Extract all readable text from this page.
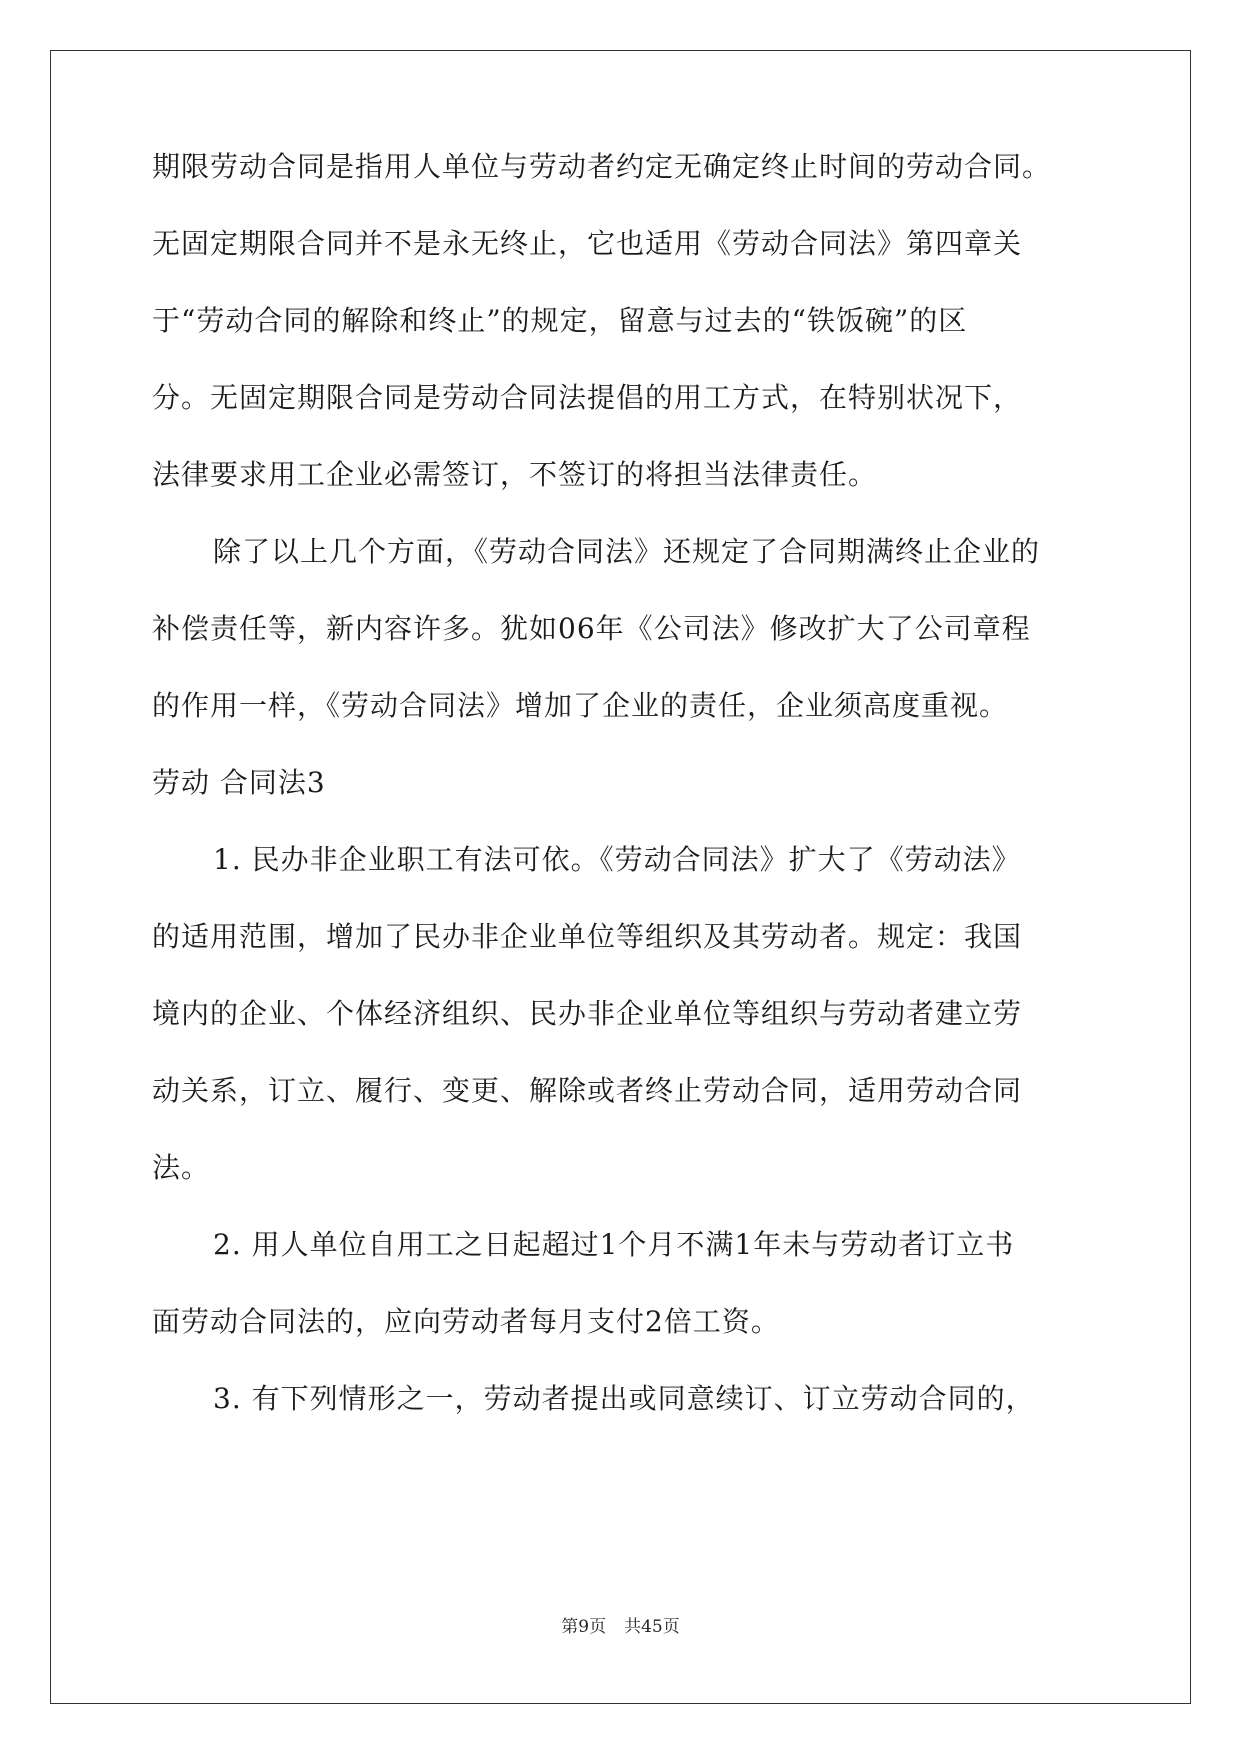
期限劳动合同是指用人单位与劳动者约定无确定终止时间的劳动合同。
无固定期限合同并不是永无终止，它也适用《劳动合同法》第四章关
于“劳动合同的解除和终止”的规定，留意与过去的“铁饭碗”的区
分。无固定期限合同是劳动合同法提倡的用工方式，在特别状况下，
法律要求用工企业必需签订，不签订的将担当法律责任。
除了以上几个方面，《劳动合同法》还规定了合同期满终止企业的
补偿责任等，新内容许多。犹如06年《公司法》修改扩大了公司章程
的作用一样，《劳动合同法》增加了企业的责任，企业须高度重视。
劳动 合同法3
1. 民办非企业职工有法可依。《劳动合同法》扩大了《劳动法》
的适用范围，增加了民办非企业单位等组织及其劳动者。规定：我国
境内的企业、个体经济组织、民办非企业单位等组织与劳动者建立劳
动关系，订立、履行、变更、解除或者终止劳动合同，适用劳动合同
法。
2. 用人单位自用工之日起超过1个月不满1年未与劳动者订立书
面劳动合同法的，应向劳动者每月支付2倍工资。
3. 有下列情形之一，劳动者提出或同意续订、订立劳动合同的，
第9页 共45页
